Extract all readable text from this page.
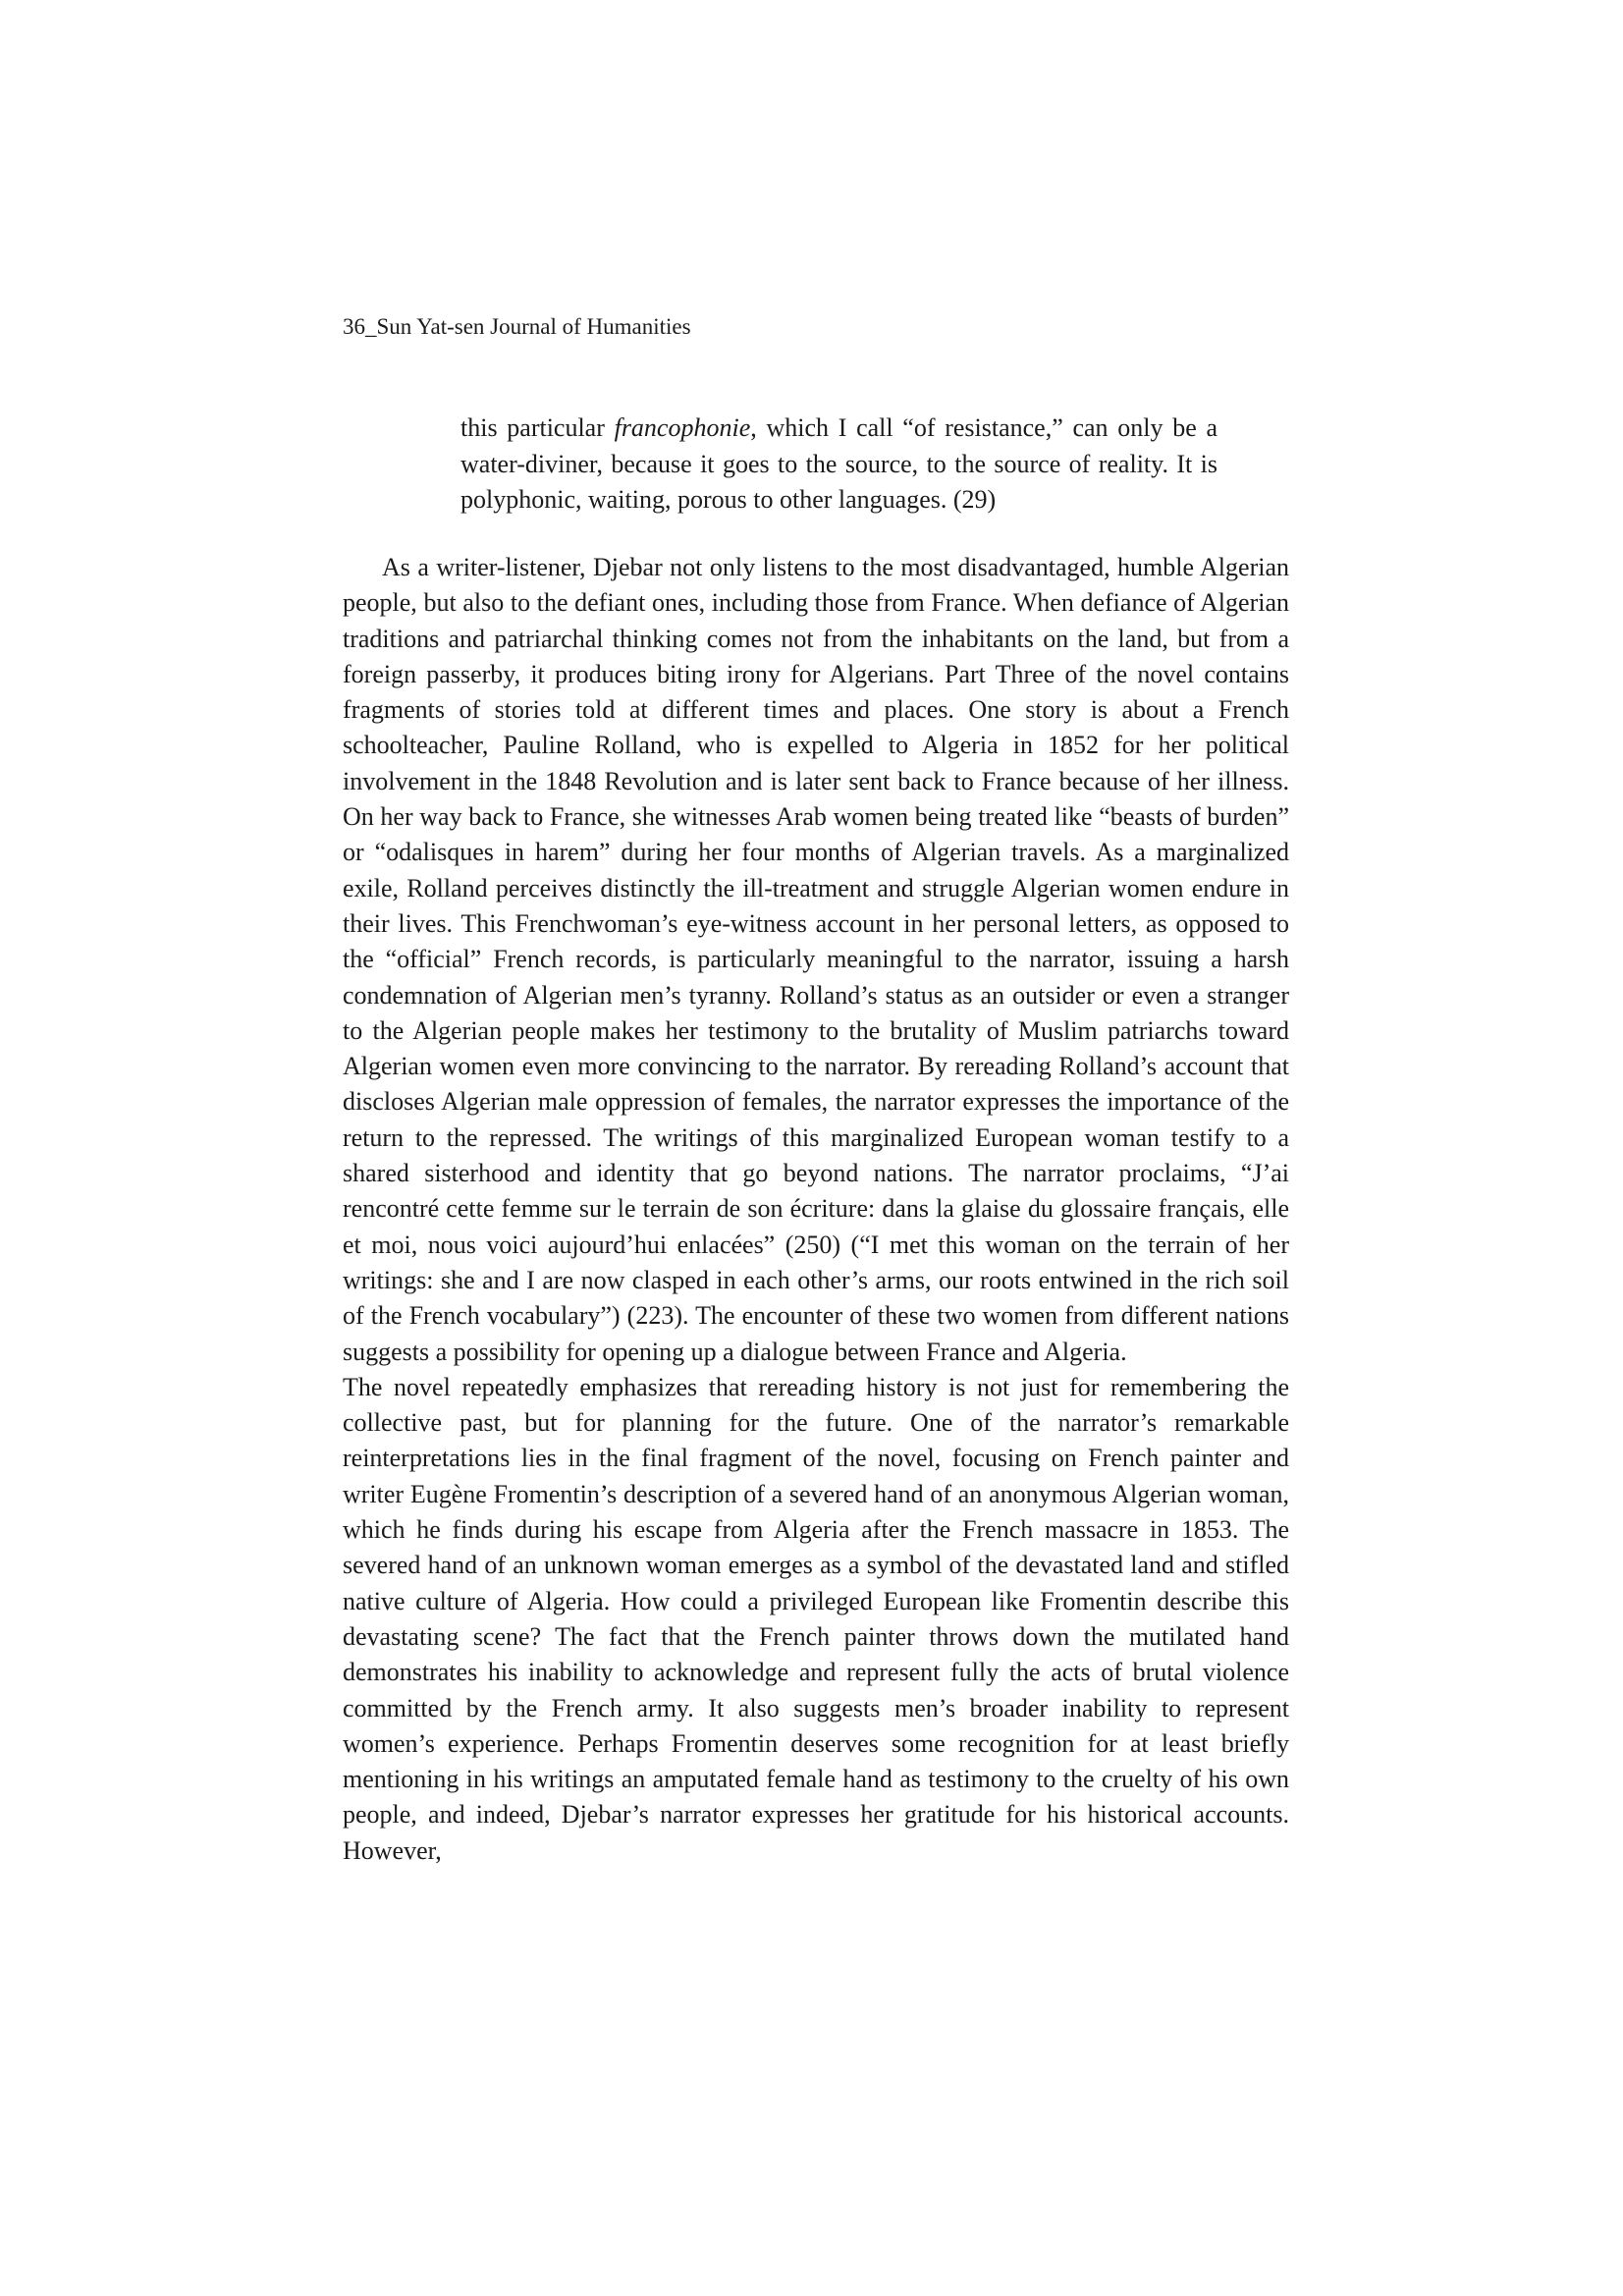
36_Sun Yat-sen Journal of Humanities

this particular francophonie, which I call “of resistance,” can only be a water-diviner, because it goes to the source, to the source of reality. It is polyphonic, waiting, porous to other languages. (29)

As a writer-listener, Djebar not only listens to the most disadvantaged, humble Algerian people, but also to the defiant ones, including those from France. When defiance of Algerian traditions and patriarchal thinking comes not from the inhabitants on the land, but from a foreign passerby, it produces biting irony for Algerians. Part Three of the novel contains fragments of stories told at different times and places. One story is about a French schoolteacher, Pauline Rolland, who is expelled to Algeria in 1852 for her political involvement in the 1848 Revolution and is later sent back to France because of her illness. On her way back to France, she witnesses Arab women being treated like “beasts of burden” or “odalisques in harem” during her four months of Algerian travels. As a marginalized exile, Rolland perceives distinctly the ill-treatment and struggle Algerian women endure in their lives. This Frenchwoman’s eye-witness account in her personal letters, as opposed to the “official” French records, is particularly meaningful to the narrator, issuing a harsh condemnation of Algerian men’s tyranny. Rolland’s status as an outsider or even a stranger to the Algerian people makes her testimony to the brutality of Muslim patriarchs toward Algerian women even more convincing to the narrator. By rereading Rolland’s account that discloses Algerian male oppression of females, the narrator expresses the importance of the return to the repressed. The writings of this marginalized European woman testify to a shared sisterhood and identity that go beyond nations. The narrator proclaims, “J’ai rencontré cette femme sur le terrain de son écriture: dans la glaise du glossaire français, elle et moi, nous voici aujourd’hui enlacées” (250) (“I met this woman on the terrain of her writings: she and I are now clasped in each other’s arms, our roots entwined in the rich soil of the French vocabulary”) (223). The encounter of these two women from different nations suggests a possibility for opening up a dialogue between France and Algeria.

The novel repeatedly emphasizes that rereading history is not just for remembering the collective past, but for planning for the future. One of the narrator’s remarkable reinterpretations lies in the final fragment of the novel, focusing on French painter and writer Eugène Fromentin’s description of a severed hand of an anonymous Algerian woman, which he finds during his escape from Algeria after the French massacre in 1853. The severed hand of an unknown woman emerges as a symbol of the devastated land and stifled native culture of Algeria. How could a privileged European like Fromentin describe this devastating scene? The fact that the French painter throws down the mutilated hand demonstrates his inability to acknowledge and represent fully the acts of brutal violence committed by the French army. It also suggests men’s broader inability to represent women’s experience. Perhaps Fromentin deserves some recognition for at least briefly mentioning in his writings an amputated female hand as testimony to the cruelty of his own people, and indeed, Djebar’s narrator expresses her gratitude for his historical accounts. However,
